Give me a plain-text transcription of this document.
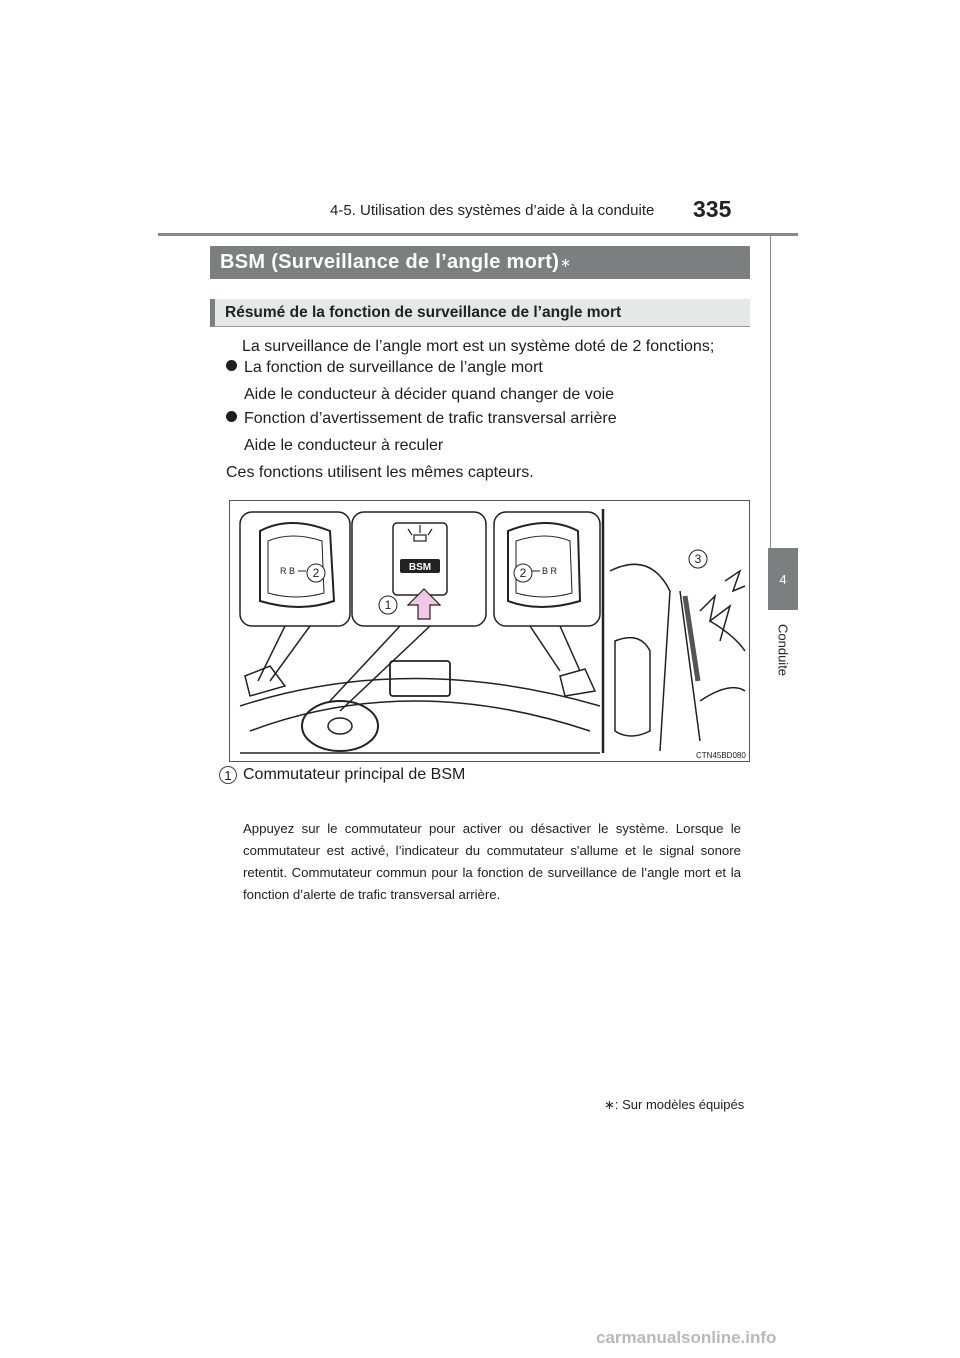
4-5. Utilisation des systèmes d’aide à la conduite 335
4
Conduite
BSM (Surveillance de l’angle mort) ∗
Résumé de la fonction de surveillance de l’angle mort
La surveillance de l’angle mort est un système doté de 2 fonctions;
La fonction de surveillance de l’angle mort
Aide le conducteur à décider quand changer de voie
Fonction d’avertissement de trafic transversal arrière
Aide le conducteur à reculer
Ces fonctions utilisent les mêmes capteurs.
BSM
R B	B R
2	2
1
3
CTN45BD080
1 Commutateur principal de BSM
Appuyez sur le commutateur pour activer ou désactiver le système. Lorsque le commutateur est activé, l’indicateur du commutateur s'allume et le signal sonore retentit. Commutateur commun pour la fonction de surveillance de l’angle mort et la fonction d’alerte de trafic transversal arrière.
∗: Sur modèles équipés
carmanualsonline.info
